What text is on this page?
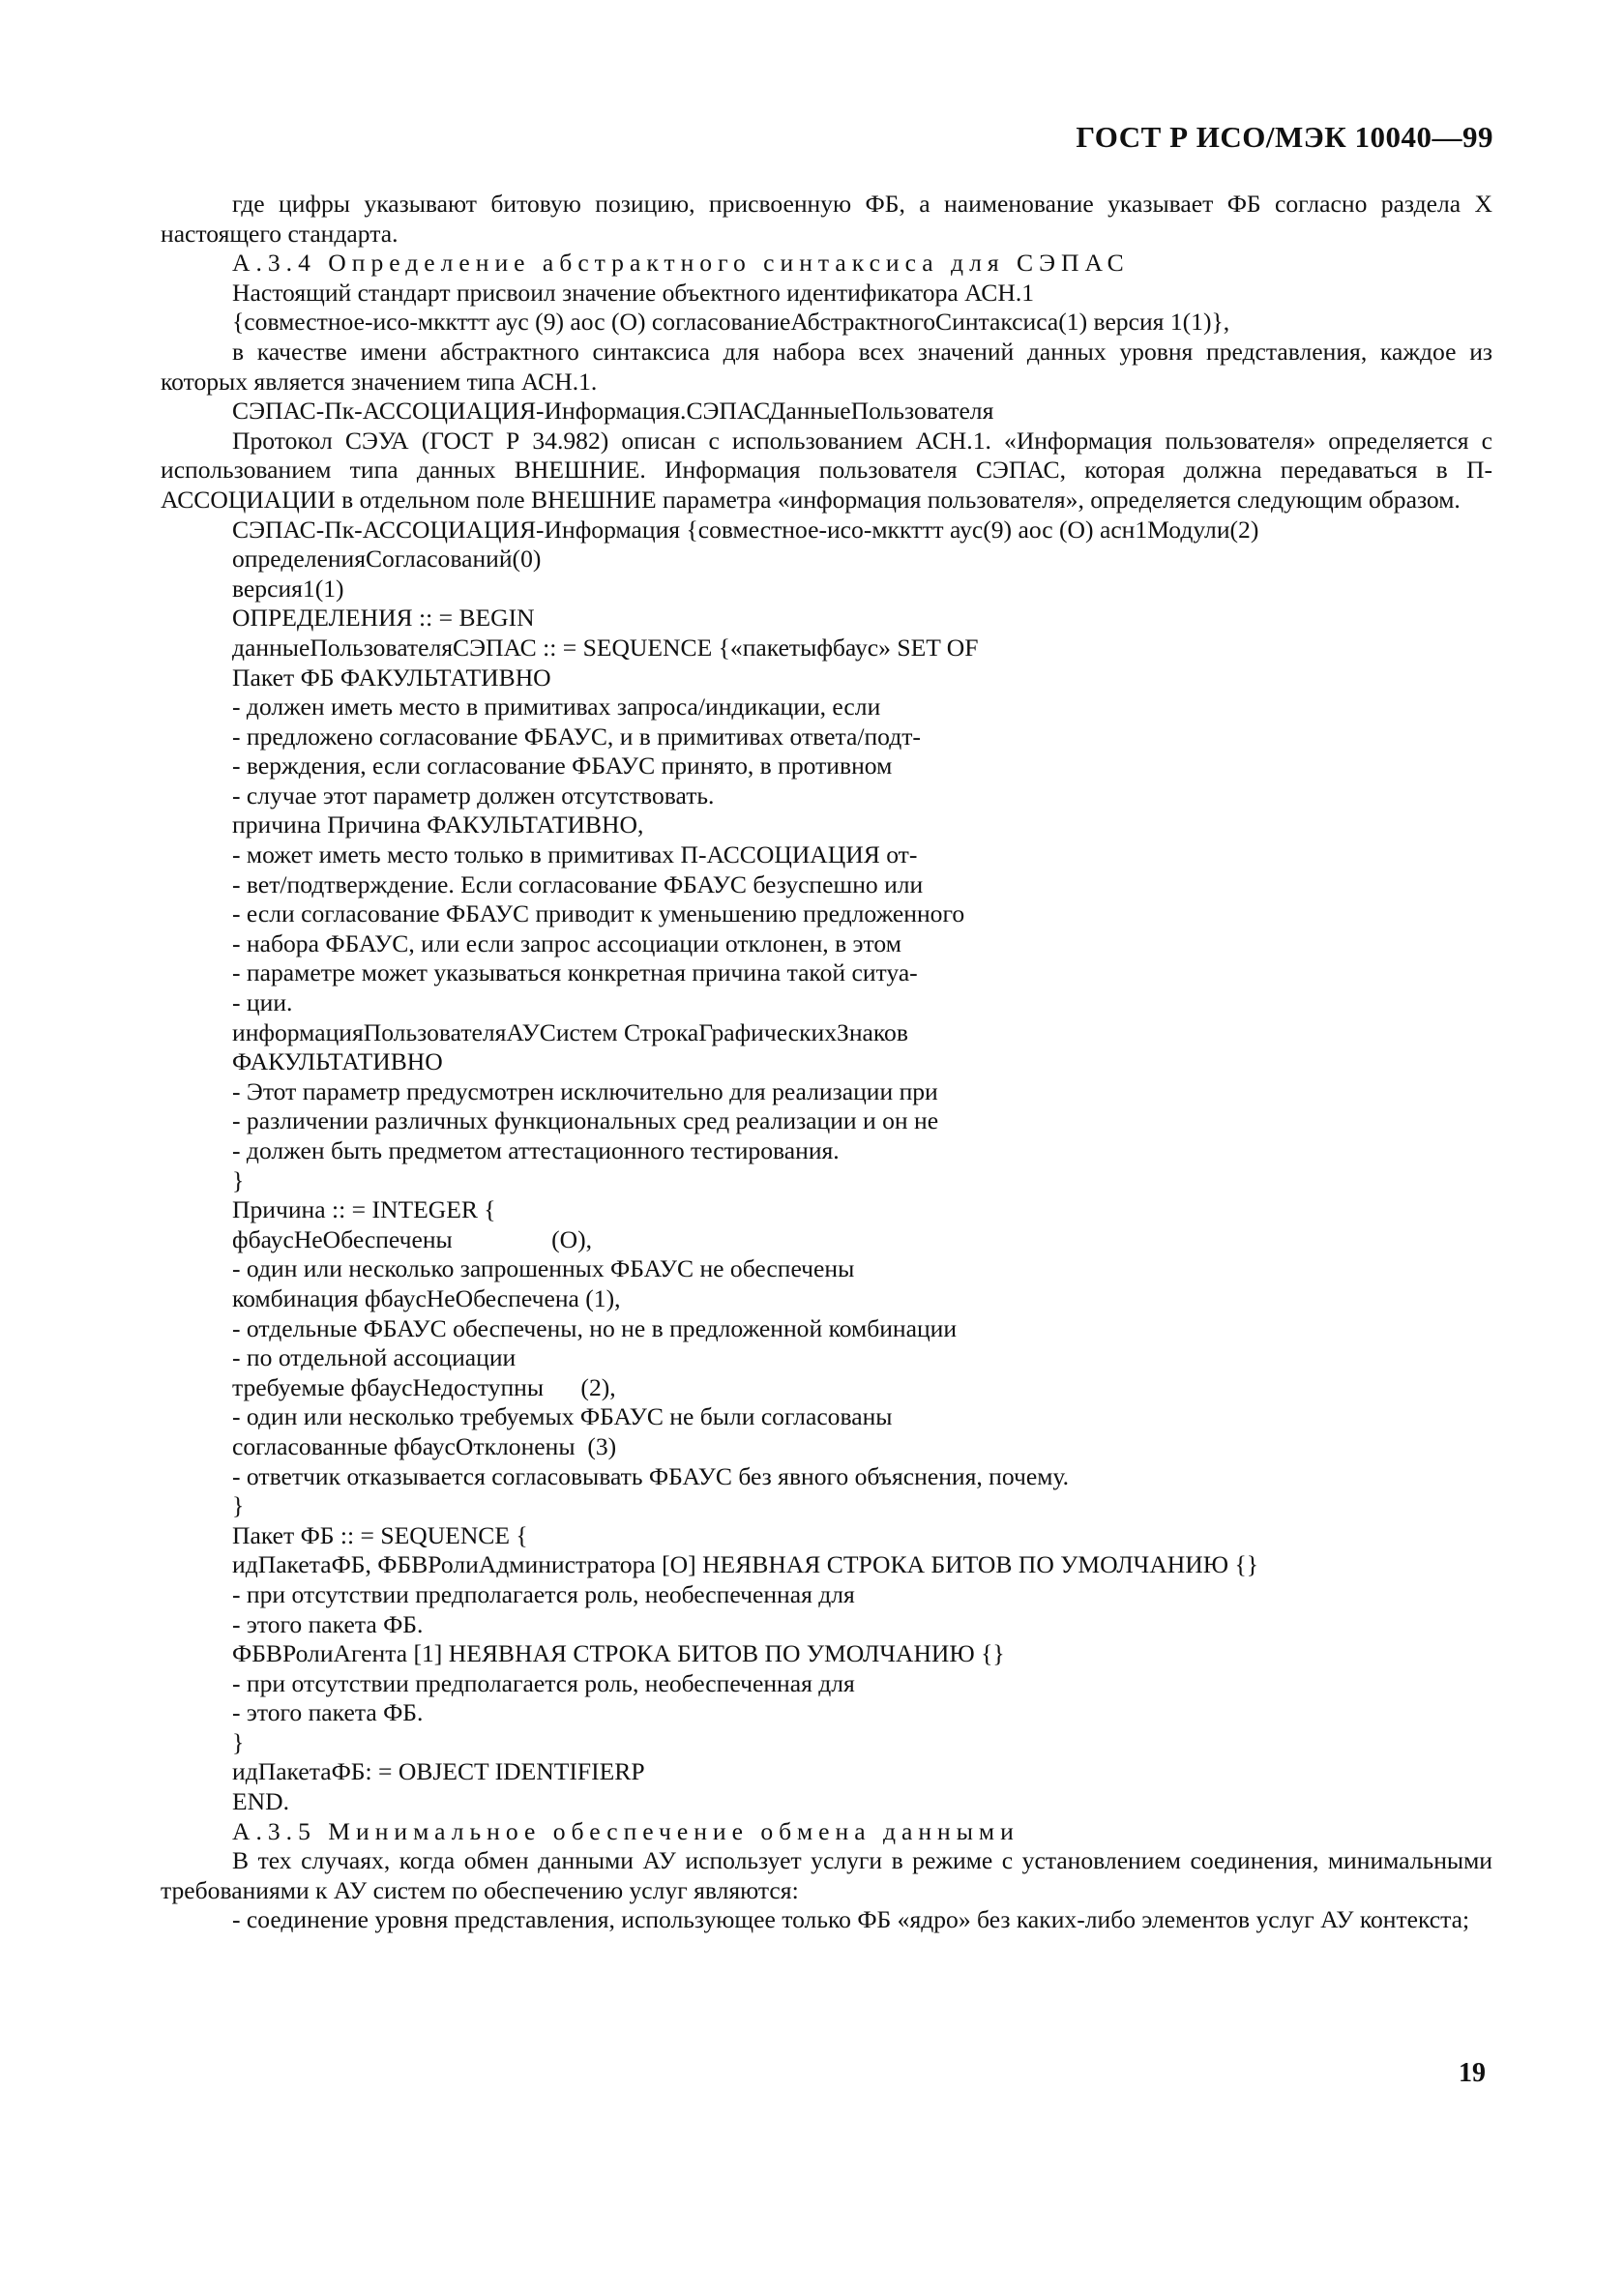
ГОСТ Р ИСО/МЭК 10040—99
где цифры указывают битовую позицию, присвоенную ФБ, а наименование указывает ФБ согласно раздела X настоящего стандарта.
А.3.4 Определение абстрактного синтаксиса для СЭПАС
Настоящий стандарт присвоил значение объектного идентификатора АСН.1
{совместное-исо-мккттт аус (9) аос (О) согласованиеАбстрактногоСинтаксиса(1) версия 1(1)},
в качестве имени абстрактного синтаксиса для набора всех значений данных уровня представления, каждое из которых является значением типа АСН.1.
СЭПАС-Пк-АССОЦИАЦИЯ-Информация.СЭПАСДанныеПользователя
Протокол СЭУА (ГОСТ Р 34.982) описан с использованием АСН.1. «Информация пользователя» определяется с использованием типа данных ВНЕШНИЕ. Информация пользователя СЭПАС, которая должна передаваться в П-АССОЦИАЦИИ в отдельном поле ВНЕШНИЕ параметра «информация пользователя», определяется следующим образом.
СЭПАС-Пк-АССОЦИАЦИЯ-Информация {совместное-исо-мккттт аус(9) аос (О) асн1Модули(2)
определенияСогласований(0)
версия1(1)
ОПРЕДЕЛЕНИЯ :: = BEGIN
данныеПользователяСЭПАС :: = SEQUENCE {«пакетыфбаус» SET OF
Пакет ФБ ФАКУЛЬТАТИВНО
- должен иметь место в примитивах запроса/индикации, если
- предложено согласование ФБАУС, и в примитивах ответа/подт-
- верждения, если согласование ФБАУС принято, в противном
- случае этот параметр должен отсутствовать.
причина Причина ФАКУЛЬТАТИВНО,
- может иметь место только в примитивах П-АССОЦИАЦИЯ от-
- вет/подтверждение. Если согласование ФБАУС безуспешно или
- если согласование ФБАУС приводит к уменьшению предложенного
- набора ФБАУС, или если запрос ассоциации отклонен, в этом
- параметре может указываться конкретная причина такой ситуа-
- ции.
информацияПользователяАУСистем СтрокаГрафическихЗнаков
ФАКУЛЬТАТИВНО
- Этот параметр предусмотрен исключительно для реализации при
- различении различных функциональных сред реализации и он не
- должен быть предметом аттестационного тестирования.
}
Причина :: = INTEGER {
фбаусНеОбеспечены                (О),
- один или несколько запрошенных ФБАУС не обеспечены
комбинация фбаусНеОбеспечена (1),
- отдельные ФБАУС обеспечены, но не в предложенной комбинации
- по отдельной ассоциации
требуемые фбаусНедоступны      (2),
- один или несколько требуемых ФБАУС не были согласованы
согласованные фбаусОтклонены  (3)
- ответчик отказывается согласовывать ФБАУС без явного объяснения, почему.
}
Пакет ФБ :: = SEQUENCE {
идПакетаФБ, ФБВРолиАдминистратора [О] НЕЯВНАЯ СТРОКА БИТОВ ПО УМОЛЧАНИЮ {}
- при отсутствии предполагается роль, необеспеченная для
- этого пакета ФБ.
ФБВРолиАгента [1] НЕЯВНАЯ СТРОКА БИТОВ ПО УМОЛЧАНИЮ {}
- при отсутствии предполагается роль, необеспеченная для
- этого пакета ФБ.
}
идПакетаФБ: = OBJECT IDENTIFIERP
END.
А.3.5 Минимальное обеспечение обмена данными
В тех случаях, когда обмен данными АУ использует услуги в режиме с установлением соединения, минимальными требованиями к АУ систем по обеспечению услуг являются:
- соединение уровня представления, использующее только ФБ «ядро» без каких-либо элементов услуг АУ контекста;
19
